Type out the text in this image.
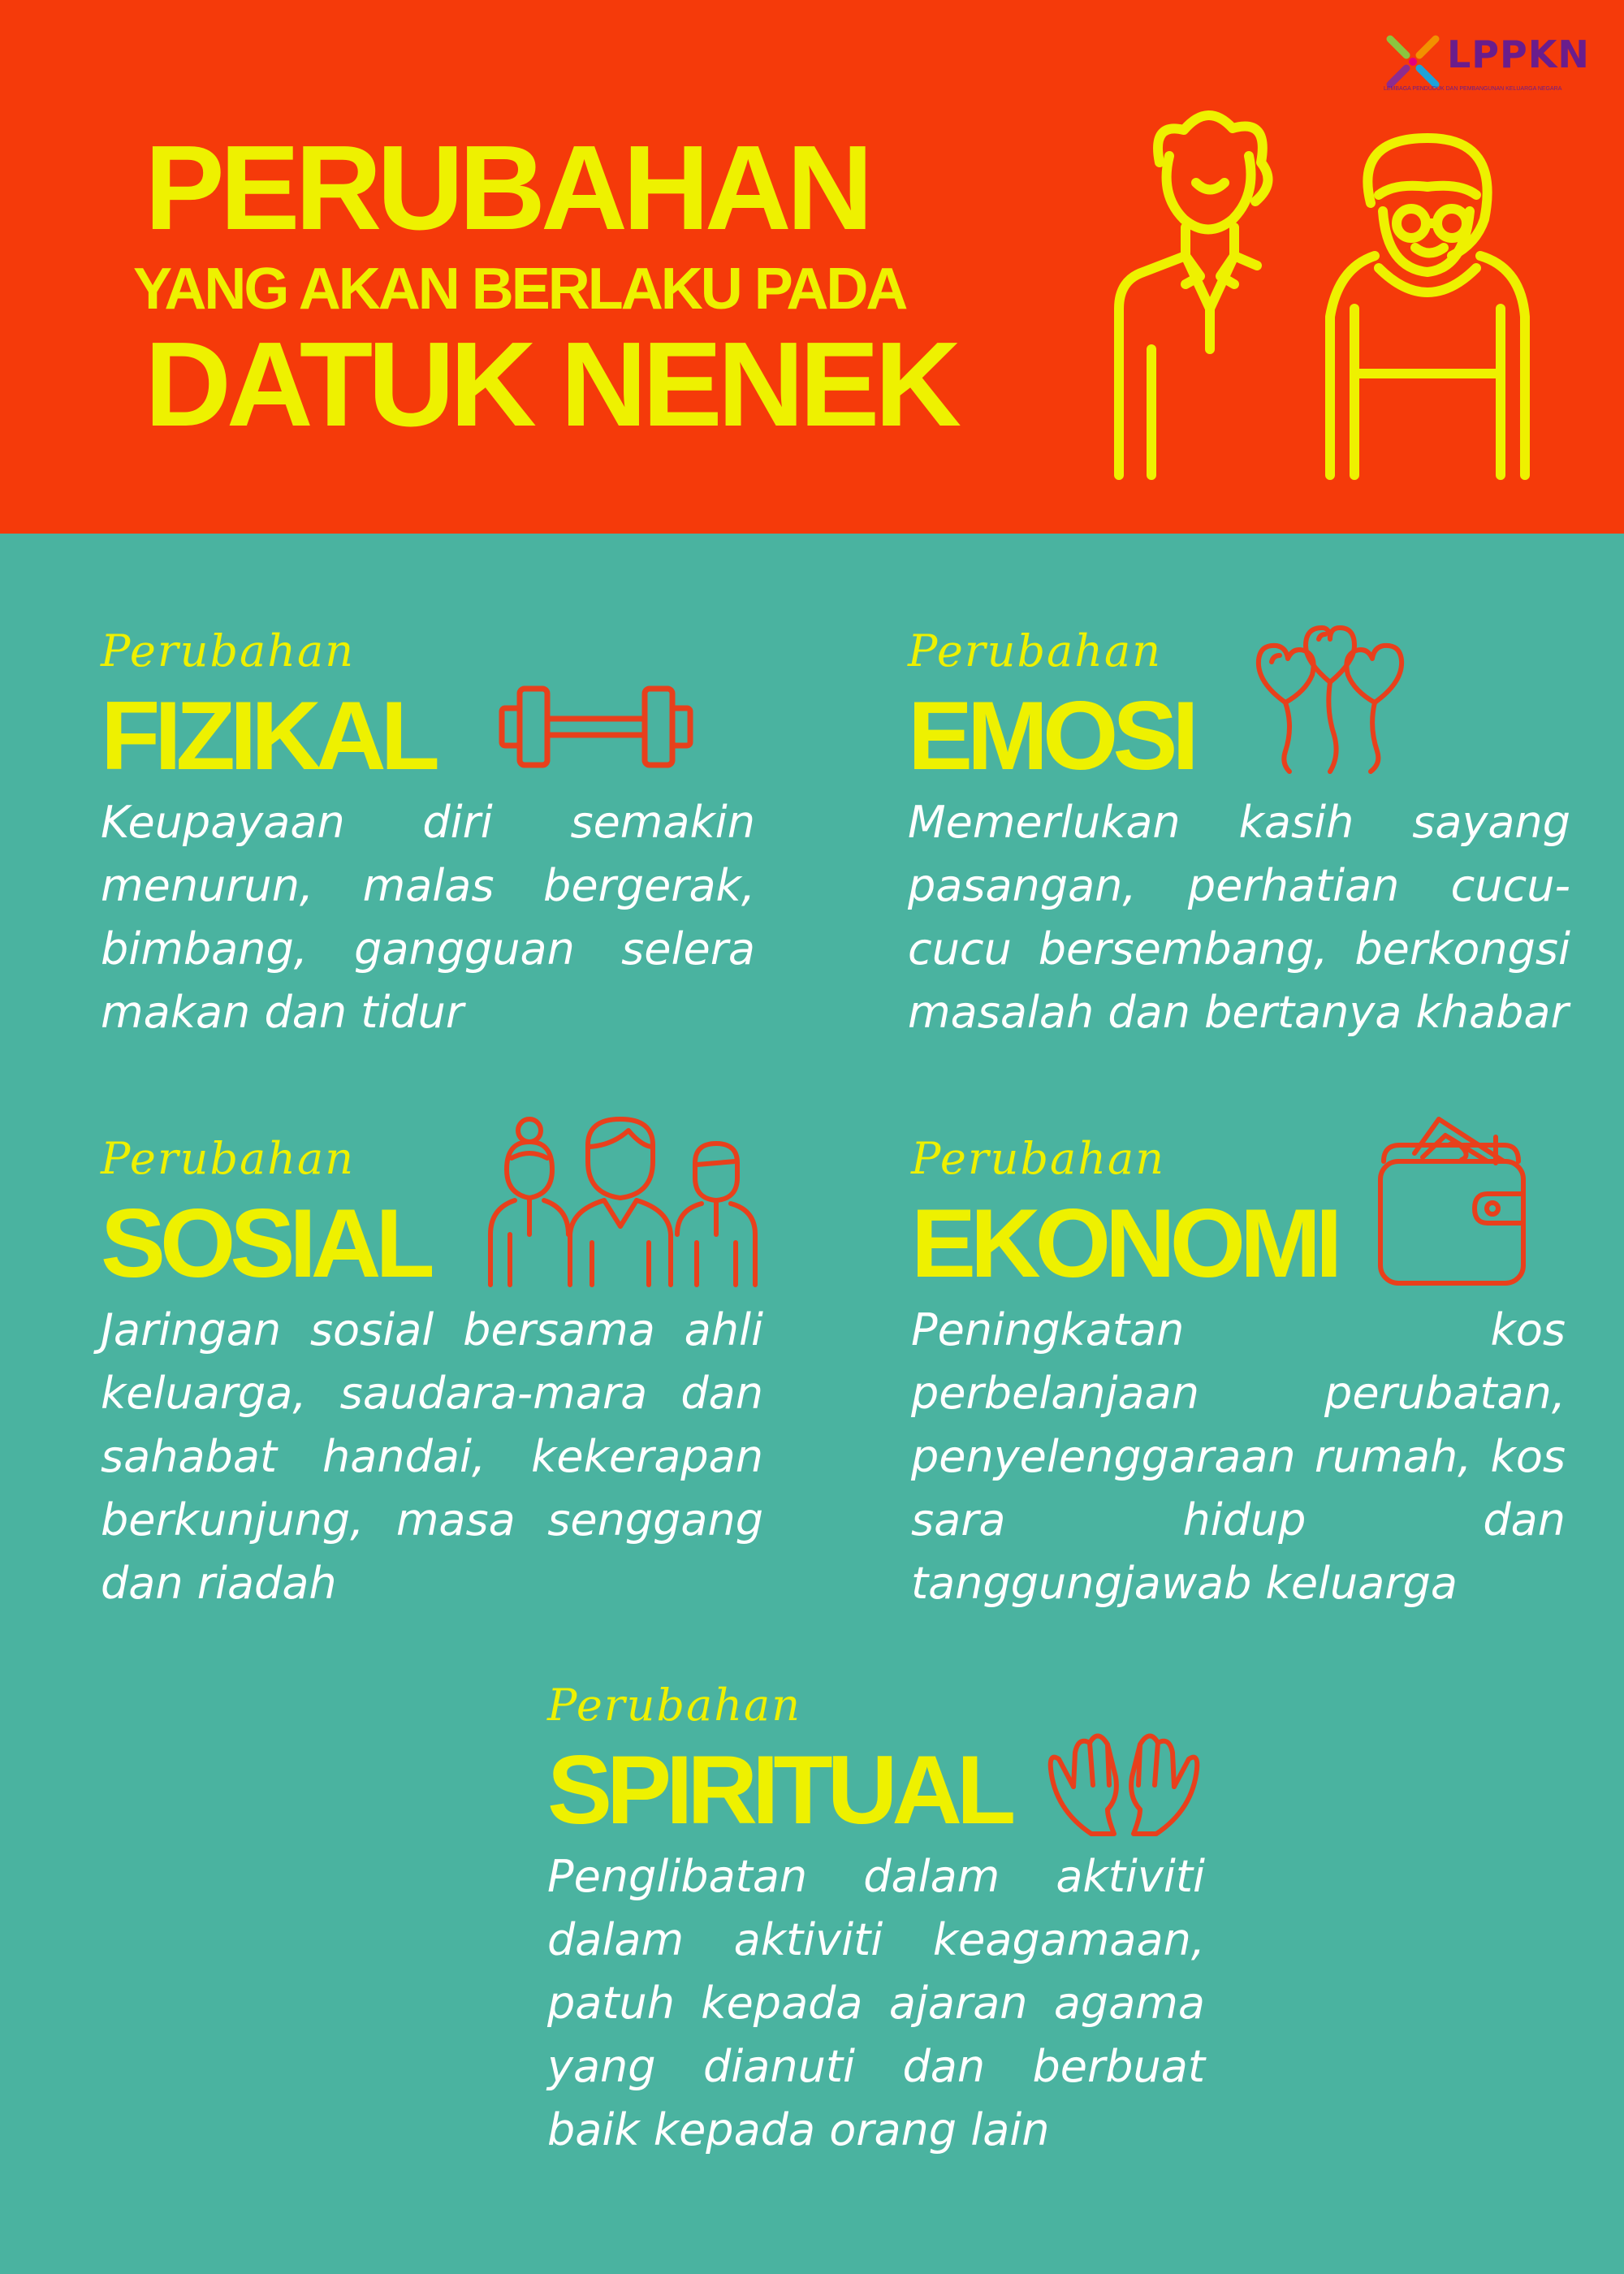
LPPKN
LEMBAGA PENDUDUK DAN PEMBANGUNAN KELUARGA NEGARA
PERUBAHAN
YANG AKAN BERLAKU PADA
DATUK NENEK
Perubahan
FIZIKAL
Keupayaan diri semakin menurun, malas bergerak, bimbang, gangguan selera makan dan tidur
Perubahan
EMOSI
Memerlukan kasih sayang pasangan, perhatian cucu-cucu bersembang, berkongsi masalah dan bertanya khabar
Perubahan
SOSIAL
Jaringan sosial bersama ahli keluarga, saudara-mara dan sahabat handai, kekerapan berkunjung, masa senggang dan riadah
Perubahan
EKONOMI
Peningkatan kos perbelanjaan perubatan, penyelenggaraan rumah, kos sara hidup dan tanggungjawab keluarga
Perubahan
SPIRITUAL
Penglibatan dalam aktiviti dalam aktiviti keagamaan, patuh kepada ajaran agama yang dianuti dan berbuat baik kepada orang lain
